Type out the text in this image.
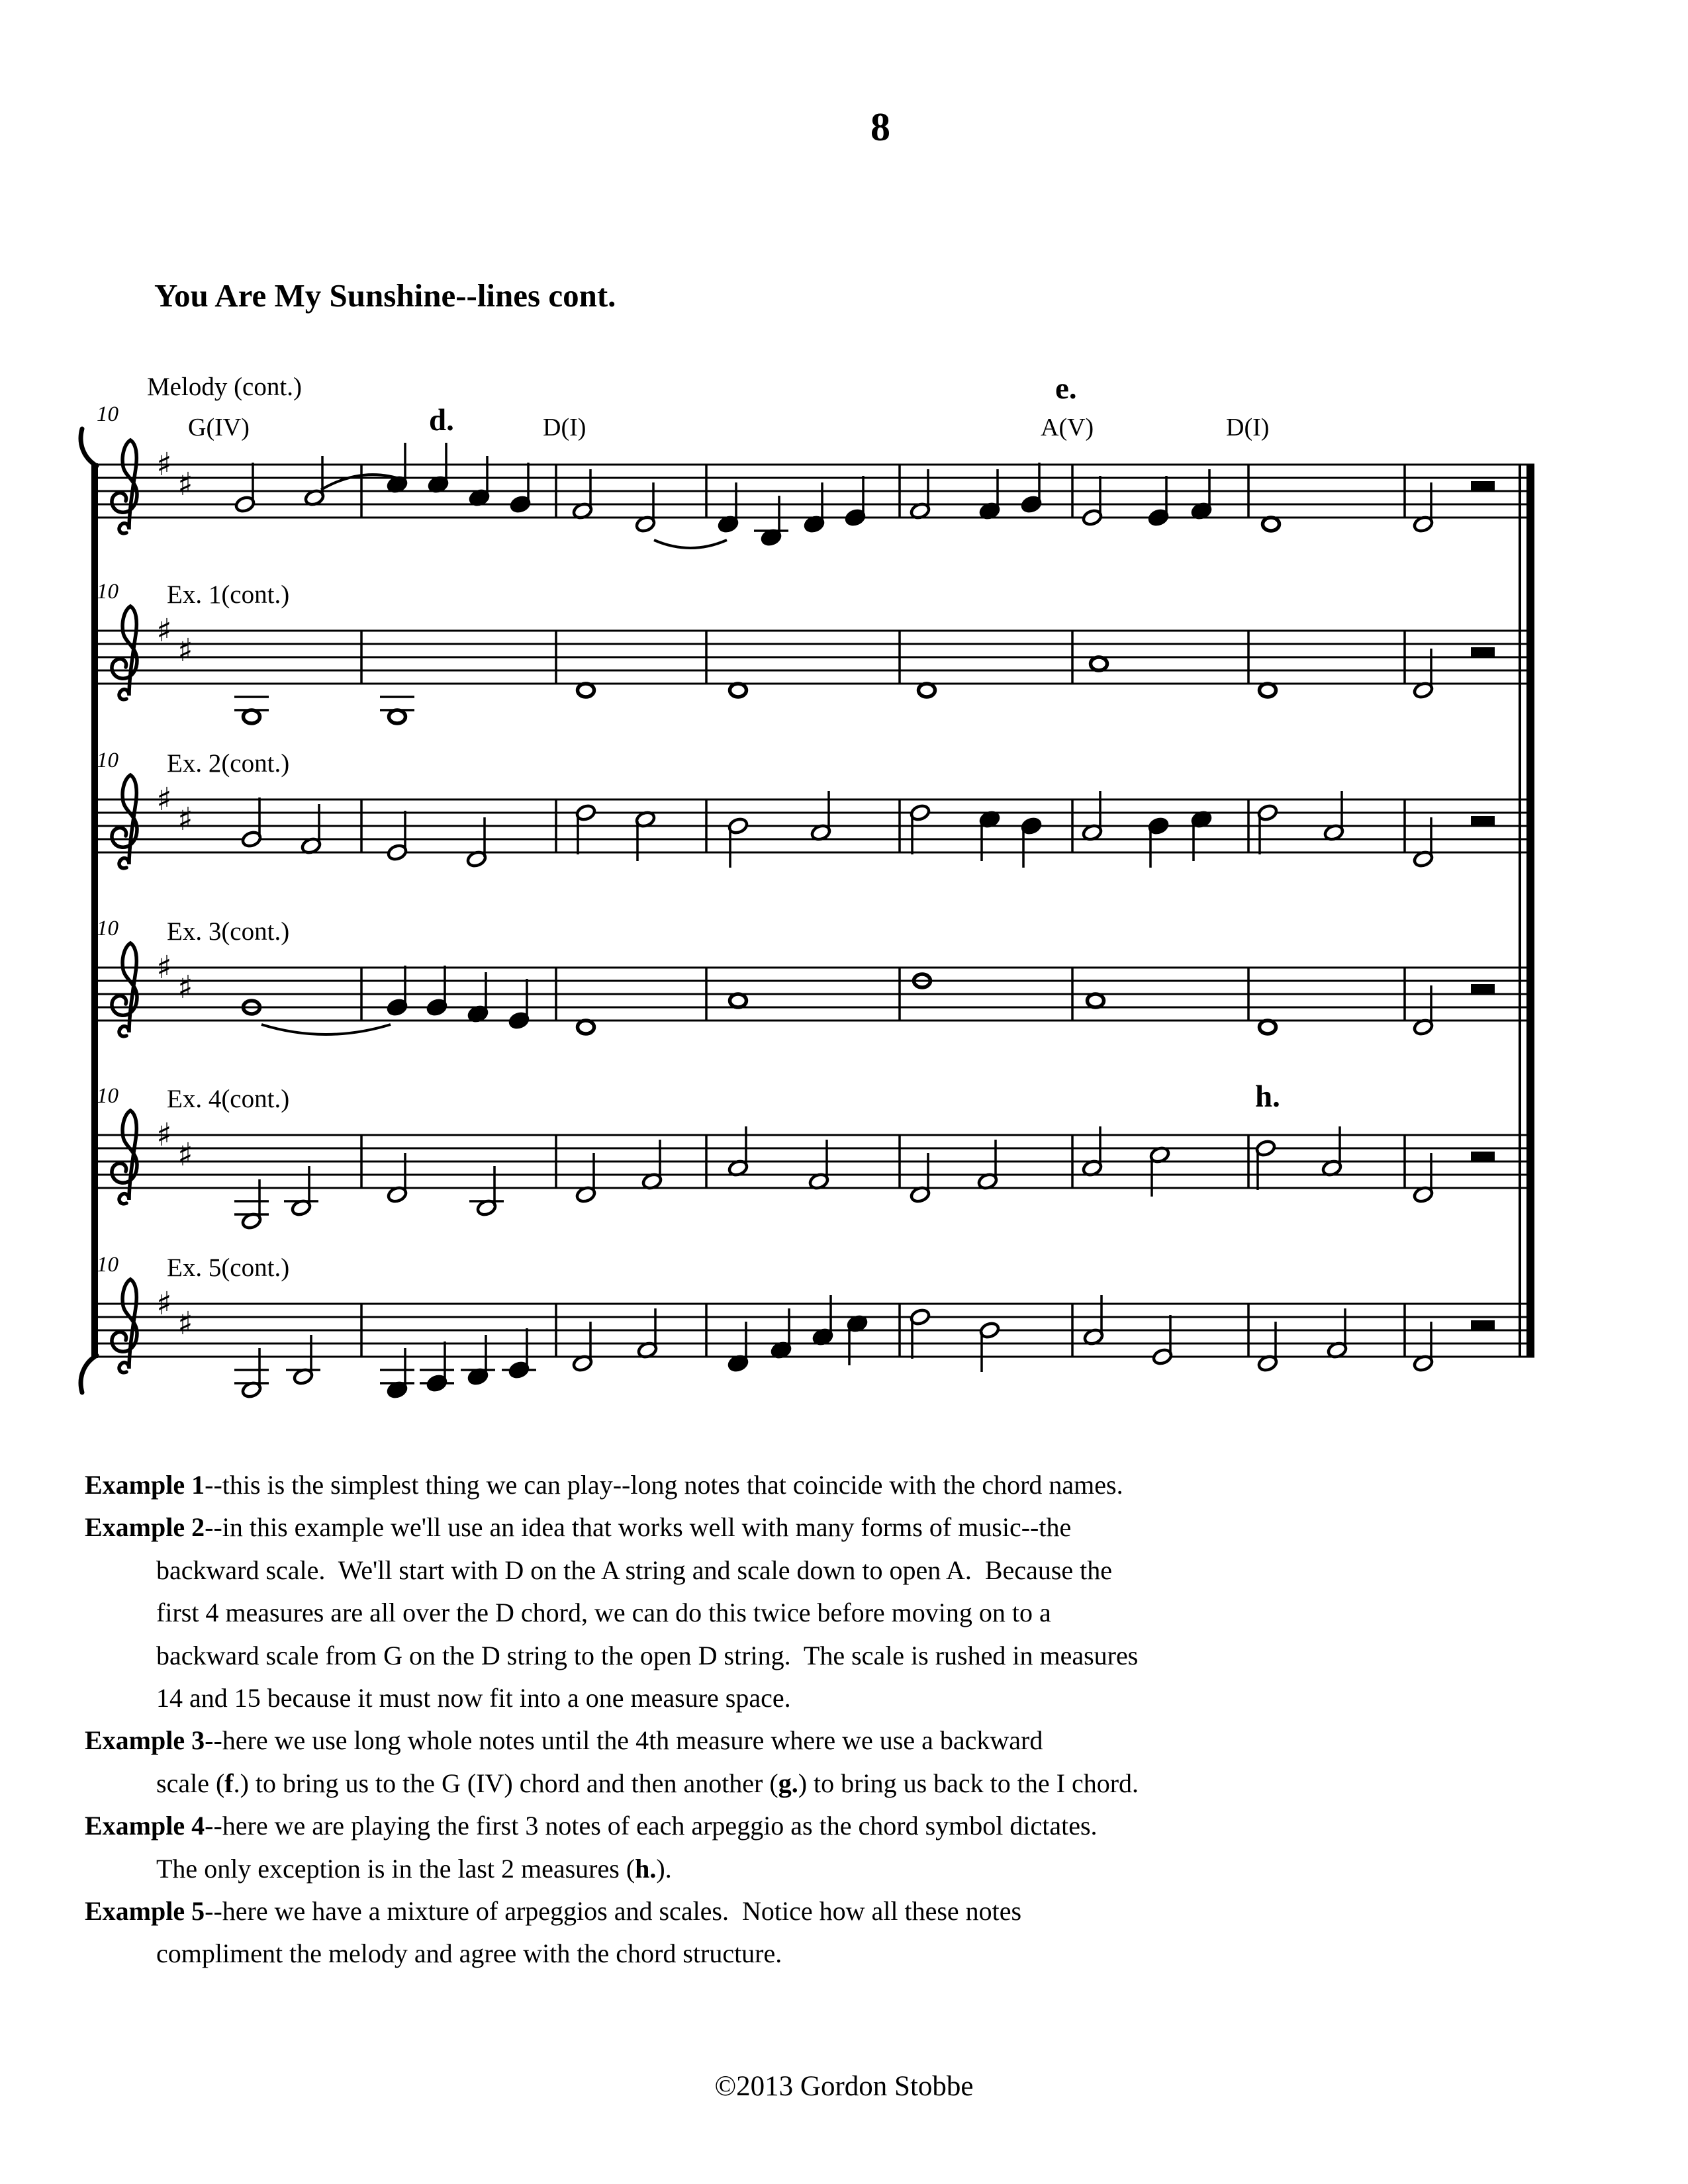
8
You Are My Sunshine--lines cont.
♯
♯
♯
♯
♯
♯
♯
♯
♯
♯
♯
♯
Melody (cont.)
10	G(IV)	D(I)	A(V)	D(I)
d.
e.
Ex. 1(cont.)
10
Ex. 2(cont.)
10
Ex. 3(cont.)
10
Ex. 4(cont.)
10	h.
Ex. 5(cont.)
10
Example 1--this is the simplest thing we can play--long notes that coincide with the chord names.
Example 2--in this example we'll use an idea that works well with many forms of music--the
backward scale.  We'll start with D on the A string and scale down to open A.  Because the
first 4 measures are all over the D chord, we can do this twice before moving on to a
backward scale from G on the D string to the open D string.  The scale is rushed in measures
14 and 15 because it must now fit into a one measure space.
Example 3--here we use long whole notes until the 4th measure where we use a backward
scale (f.) to bring us to the G (IV) chord and then another (g.) to bring us back to the I chord.
Example 4--here we are playing the first 3 notes of each arpeggio as the chord symbol dictates.
The only exception is in the last 2 measures (h.).
Example 5--here we have a mixture of arpeggios and scales.  Notice how all these notes
compliment the melody and agree with the chord structure.
©2013 Gordon Stobbe
